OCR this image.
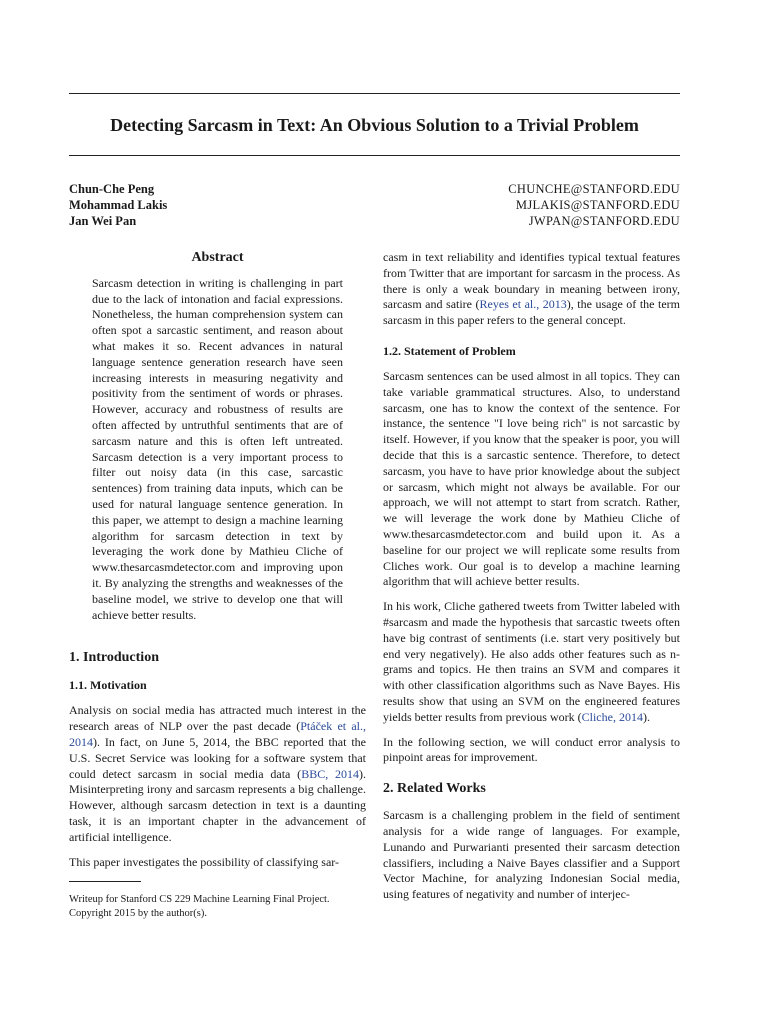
Detecting Sarcasm in Text: An Obvious Solution to a Trivial Problem
Chun-Che Peng	CHUNCHE@STANFORD.EDU
Mohammad Lakis	MJLAKIS@STANFORD.EDU
Jan Wei Pan	JWPAN@STANFORD.EDU
Abstract

Sarcasm detection in writing is challenging in part due to the lack of intonation and facial expressions. Nonetheless, the human comprehension system can often spot a sarcastic sentiment, and reason about what makes it so. Recent advances in natural language sentence generation research have seen increasing interests in measuring negativity and positivity from the sentiment of words or phrases. However, accuracy and robustness of results are often affected by untruthful sentiments that are of sarcasm nature and this is often left untreated. Sarcasm detection is a very important process to filter out noisy data (in this case, sarcastic sentences) from training data inputs, which can be used for natural language sentence generation. In this paper, we attempt to design a machine learning algorithm for sarcasm detection in text by leveraging the work done by Mathieu Cliche of www.thesarcasmdetector.com and improving upon it. By analyzing the strengths and weaknesses of the baseline model, we strive to develop one that will achieve better results.

1. Introduction
1.1. Motivation

Analysis on social media has attracted much interest in the research areas of NLP over the past decade (Ptáček et al., 2014). In fact, on June 5, 2014, the BBC reported that the U.S. Secret Service was looking for a software system that could detect sarcasm in social media data (BBC, 2014). Misinterpreting irony and sarcasm represents a big challenge. However, although sarcasm detection in text is a daunting task, it is an important chapter in the advancement of artificial intelligence.

This paper investigates the possibility of classifying sar-

Writeup for Stanford CS 229 Machine Learning Final Project. Copyright 2015 by the author(s).

casm in text reliability and identifies typical textual features from Twitter that are important for sarcasm in the process. As there is only a weak boundary in meaning between irony, sarcasm and satire (Reyes et al., 2013), the usage of the term sarcasm in this paper refers to the general concept.

1.2. Statement of Problem

Sarcasm sentences can be used almost in all topics. They can take variable grammatical structures. Also, to understand sarcasm, one has to know the context of the sentence. For instance, the sentence "I love being rich" is not sarcastic by itself. However, if you know that the speaker is poor, you will decide that this is a sarcastic sentence. Therefore, to detect sarcasm, you have to have prior knowledge about the subject or sarcasm, which might not always be available. For our approach, we will not attempt to start from scratch. Rather, we will leverage the work done by Mathieu Cliche of www.thesarcasmdetector.com and build upon it. As a baseline for our project we will replicate some results from Cliches work. Our goal is to develop a machine learning algorithm that will achieve better results.

In his work, Cliche gathered tweets from Twitter labeled with #sarcasm and made the hypothesis that sarcastic tweets often have big contrast of sentiments (i.e. start very positively but end very negatively). He also adds other features such as n-grams and topics. He then trains an SVM and compares it with other classification algorithms such as Nave Bayes. His results show that using an SVM on the engineered features yields better results from previous work (Cliche, 2014).

In the following section, we will conduct error analysis to pinpoint areas for improvement.

2. Related Works

Sarcasm is a challenging problem in the field of sentiment analysis for a wide range of languages. For example, Lunando and Purwarianti presented their sarcasm detection classifiers, including a Naive Bayes classifier and a Support Vector Machine, for analyzing Indonesian Social media, using features of negativity and number of interjec-
